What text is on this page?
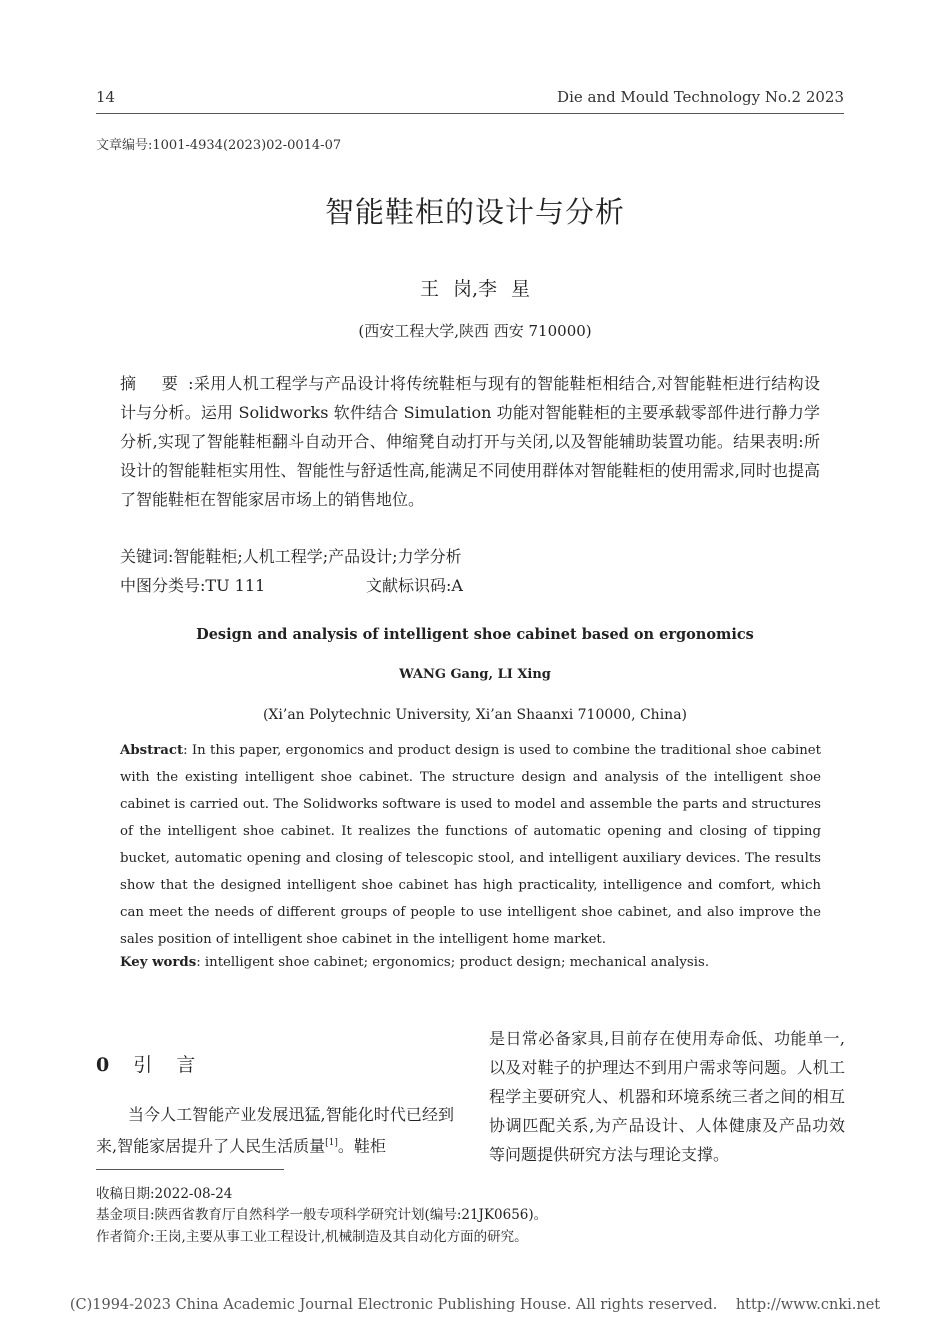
14	Die and Mould Technology No.2 2023
文章编号:1001-4934(2023)02-0014-07
智能鞋柜的设计与分析
王 岗,李 星
(西安工程大学,陕西 西安 710000)
摘 要:采用人机工程学与产品设计将传统鞋柜与现有的智能鞋柜相结合,对智能鞋柜进行结构设计与分析。运用 Solidworks 软件结合 Simulation 功能对智能鞋柜的主要承载零部件进行静力学分析,实现了智能鞋柜翻斗自动开合、伸缩凳自动打开与关闭,以及智能辅助装置功能。结果表明:所设计的智能鞋柜实用性、智能性与舒适性高,能满足不同使用群体对智能鞋柜的使用需求,同时也提高了智能鞋柜在智能家居市场上的销售地位。
关键词:智能鞋柜;人机工程学;产品设计;力学分析
中图分类号:TU 111	文献标识码:A
Design and analysis of intelligent shoe cabinet based on ergonomics
WANG Gang, LI Xing
(Xi’an Polytechnic University, Xi’an Shaanxi 710000, China)
Abstract: In this paper, ergonomics and product design is used to combine the traditional shoe cabinet with the existing intelligent shoe cabinet. The structure design and analysis of the intelligent shoe cabinet is carried out. The Solidworks software is used to model and assemble the parts and structures of the intelligent shoe cabinet. It realizes the functions of automatic opening and closing of tipping bucket, automatic opening and closing of telescopic stool, and intelligent auxiliary devices. The results show that the designed intelligent shoe cabinet has high practicality, intelligence and comfort, which can meet the needs of different groups of people to use intelligent shoe cabinet, and also improve the sales position of intelligent shoe cabinet in the intelligent home market.
Key words: intelligent shoe cabinet; ergonomics; product design; mechanical analysis.
0 引言
当今人工智能产业发展迅猛,智能化时代已经到来,智能家居提升了人民生活质量[1]。鞋柜
是日常必备家具,目前存在使用寿命低、功能单一,以及对鞋子的护理达不到用户需求等问题。人机工程学主要研究人、机器和环境系统三者之间的相互协调匹配关系,为产品设计、人体健康及产品功效等问题提供研究方法与理论支撑。
收稿日期:2022-08-24
基金项目:陕西省教育厅自然科学一般专项科学研究计划(编号:21JK0656)。
作者简介:王岗,主要从事工业工程设计,机械制造及其自动化方面的研究。
(C)1994-2023 China Academic Journal Electronic Publishing House. All rights reserved.    http://www.cnki.net
